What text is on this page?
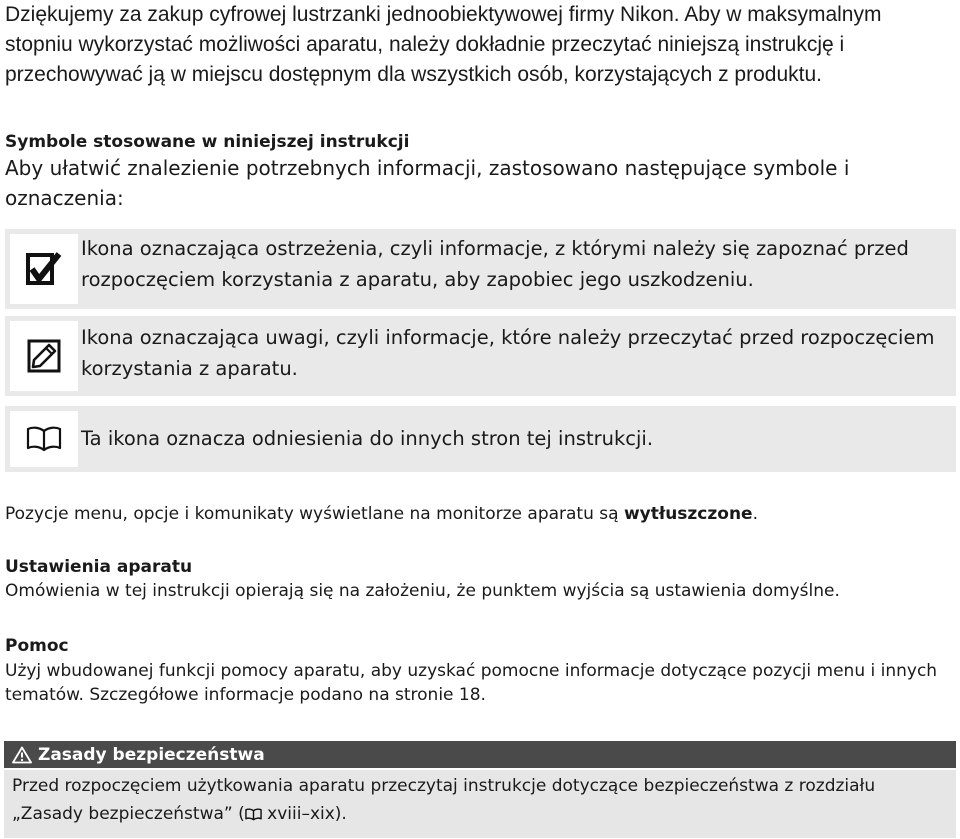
Dziękujemy za zakup cyfrowej lustrzanki jednoobiektywowej firmy Nikon. Aby w maksymalnym stopniu wykorzystać możliwości aparatu, należy dokładnie przeczytać niniejszą instrukcję i przechowywać ją w miejscu dostępnym dla wszystkich osób, korzystających z produktu.
Symbole stosowane w niniejszej instrukcji
Aby ułatwić znalezienie potrzebnych informacji, zastosowano następujące symbole i oznaczenia:
Ikona oznaczająca ostrzeżenia, czyli informacje, z którymi należy się zapoznać przed rozpoczęciem korzystania z aparatu, aby zapobiec jego uszkodzeniu.
Ikona oznaczająca uwagi, czyli informacje, które należy przeczytać przed rozpoczęciem korzystania z aparatu.
Ta ikona oznacza odniesienia do innych stron tej instrukcji.
Pozycje menu, opcje i komunikaty wyświetlane na monitorze aparatu są wytłuszczone.
Ustawienia aparatu
Omówienia w tej instrukcji opierają się na założeniu, że punktem wyjścia są ustawienia domyślne.
Pomoc
Użyj wbudowanej funkcji pomocy aparatu, aby uzyskać pomocne informacje dotyczące pozycji menu i innych tematów. Szczegółowe informacje podano na stronie 18.
Zasady bezpieczeństwa
Przed rozpoczęciem użytkowania aparatu przeczytaj instrukcje dotyczące bezpieczeństwa z rozdziału „Zasady bezpieczeństwa” ( xviii–xix).
